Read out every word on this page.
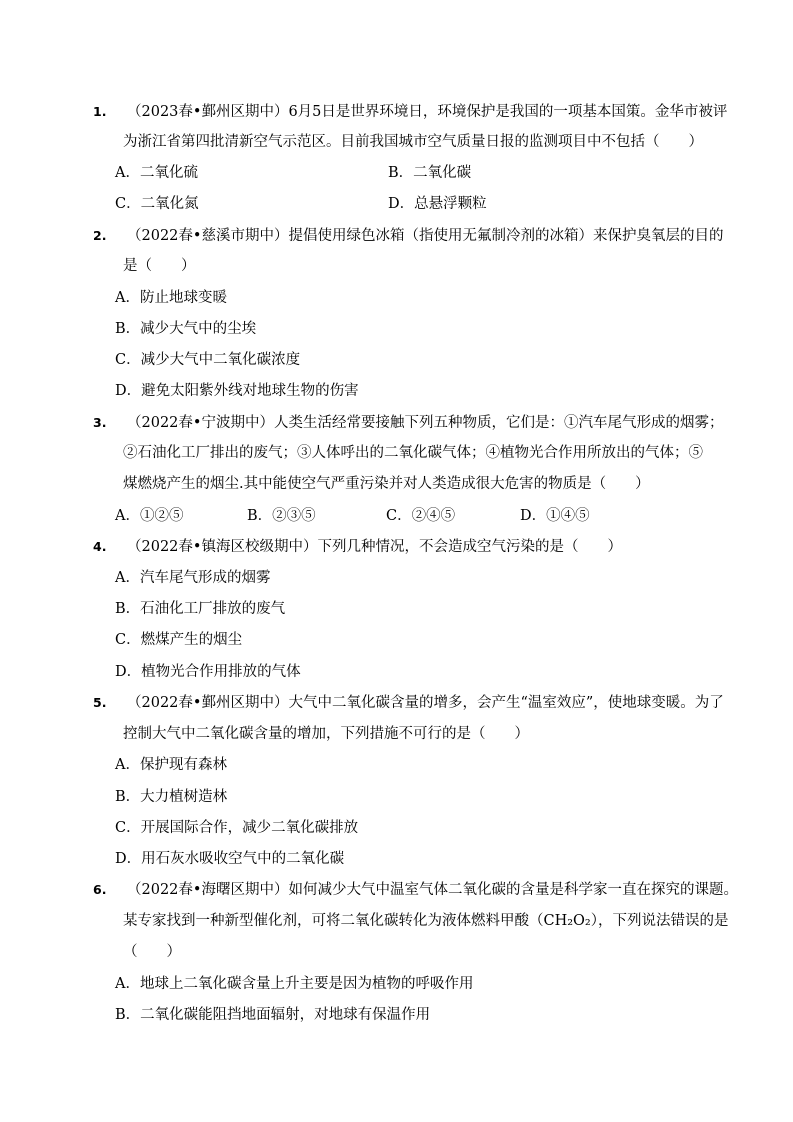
1. （2023春•鄞州区期中）6月5日是世界环境日，环境保护是我国的一项基本国策。金华市被评
为浙江省第四批清新空气示范区。目前我国城市空气质量日报的监测项目中不包括（　　）
A．二氧化硫	B．二氧化碳
C．二氧化氮	D．总悬浮颗粒
2. （2022春•慈溪市期中）提倡使用绿色冰箱（指使用无氟制冷剂的冰箱）来保护臭氧层的目的
是（　　）
A．防止地球变暖
B．减少大气中的尘埃
C．减少大气中二氧化碳浓度
D．避免太阳紫外线对地球生物的伤害
3. （2022春•宁波期中）人类生活经常要接触下列五种物质，它们是：①汽车尾气形成的烟雾；
②石油化工厂排出的废气；③人体呼出的二氧化碳气体；④植物光合作用所放出的气体；⑤
煤燃烧产生的烟尘.其中能使空气严重污染并对人类造成很大危害的物质是（　　）
A．①②⑤	B．②③⑤	C．②④⑤	D．①④⑤
4. （2022春•镇海区校级期中）下列几种情况，不会造成空气污染的是（　　）
A．汽车尾气形成的烟雾
B．石油化工厂排放的废气
C．燃煤产生的烟尘
D．植物光合作用排放的气体
5. （2022春•鄞州区期中）大气中二氧化碳含量的增多，会产生“温室效应”，使地球变暖。为了
控制大气中二氧化碳含量的增加，下列措施不可行的是（　　）
A．保护现有森林
B．大力植树造林
C．开展国际合作，减少二氧化碳排放
D．用石灰水吸收空气中的二氧化碳
6. （2022春•海曙区期中）如何减少大气中温室气体二氧化碳的含量是科学家一直在探究的课题。
某专家找到一种新型催化剂，可将二氧化碳转化为液体燃料甲酸（CH₂O₂），下列说法错误的是
（　　）
A．地球上二氧化碳含量上升主要是因为植物的呼吸作用
B．二氧化碳能阻挡地面辐射，对地球有保温作用
